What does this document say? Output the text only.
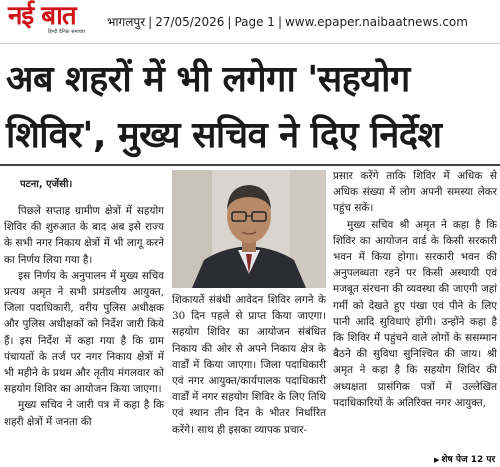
नई बात
हिन्दी दैनिक समाचार
भागलपुर | 27/05/2026 | Page 1 | www.epaper.naibaatnews.com
अब शहरों में भी लगेगा 'सहयोग शिविर', मुख्य सचिव ने दिए निर्देश
पटना, एजेंसी।

पिछले सप्ताह ग्रामीण क्षेत्रों में सहयोग शिविर की शुरुआत के बाद अब इसे राज्य के सभी नगर निकाय क्षेत्रों में भी लागू करने का निर्णय लिया गया है।

इस निर्णय के अनुपालन में मुख्य सचिव प्रत्यय अमृत ने सभी प्रमंडलीय आयुक्त, जिला पदाधिकारी, वरीय पुलिस अधीक्षक और पुलिस अधीक्षकों को निर्देश जारी किये हैं। इस निर्देश में कहा गया है कि ग्राम पंचायतों के तर्ज पर नगर निकाय क्षेत्रों में भी महीने के प्रथम और तृतीय मंगलवार को सहयोग शिविर का आयोजन किया जाएगा।

मुख्य सचिव ने जारी पत्र में कहा है कि शहरी क्षेत्रों में जनता की

शिकायतें संबंधी आवेदन शिविर लगने के 30 दिन पहले से प्राप्त किया जाएगा। सहयोग शिविर का आयोजन संबंधित निकाय की ओर से अपने निकाय क्षेत्र के वार्डों में किया जाएगा। जिला पदाधिकारी एवं नगर आयुक्त/कार्यपालक पदाधिकारी वार्डों में नगर सहयोग शिविर के लिए तिथि एवं स्थान तीन दिन के भीतर निर्धारित करेंगे। साथ ही इसका व्यापक प्रचार-

प्रसार करेंगे ताकि शिविर में अधिक से अधिक संख्या में लोग अपनी समस्या लेकर पहुंच सकें।

मुख्य सचिव श्री अमृत ने कहा है कि शिविर का आयोजन वार्ड के किसी सरकारी भवन में किया होगा। सरकारी भवन की अनुपलब्धता रहने पर किसी अस्थायी एवं मजबूत संरचना की व्यवस्था की जाएगी जहां गर्मी को देखते हुए पंखा एवं पीने के लिए पानी आदि सुविधाएं होंगी। उन्होंने कहा है कि शिविर में पहुंचने वाले लोगों के ससम्मान बैठने की सुविधा सुनिश्चित की जाय। श्री अमृत ने कहा है कि सहयोग शिविर की अध्यक्षता प्रासंगिक पत्रों में उल्लेखित पदाधिकारियों के अतिरिक्त नगर आयुक्त,

▶ शेष पेज 12 पर
